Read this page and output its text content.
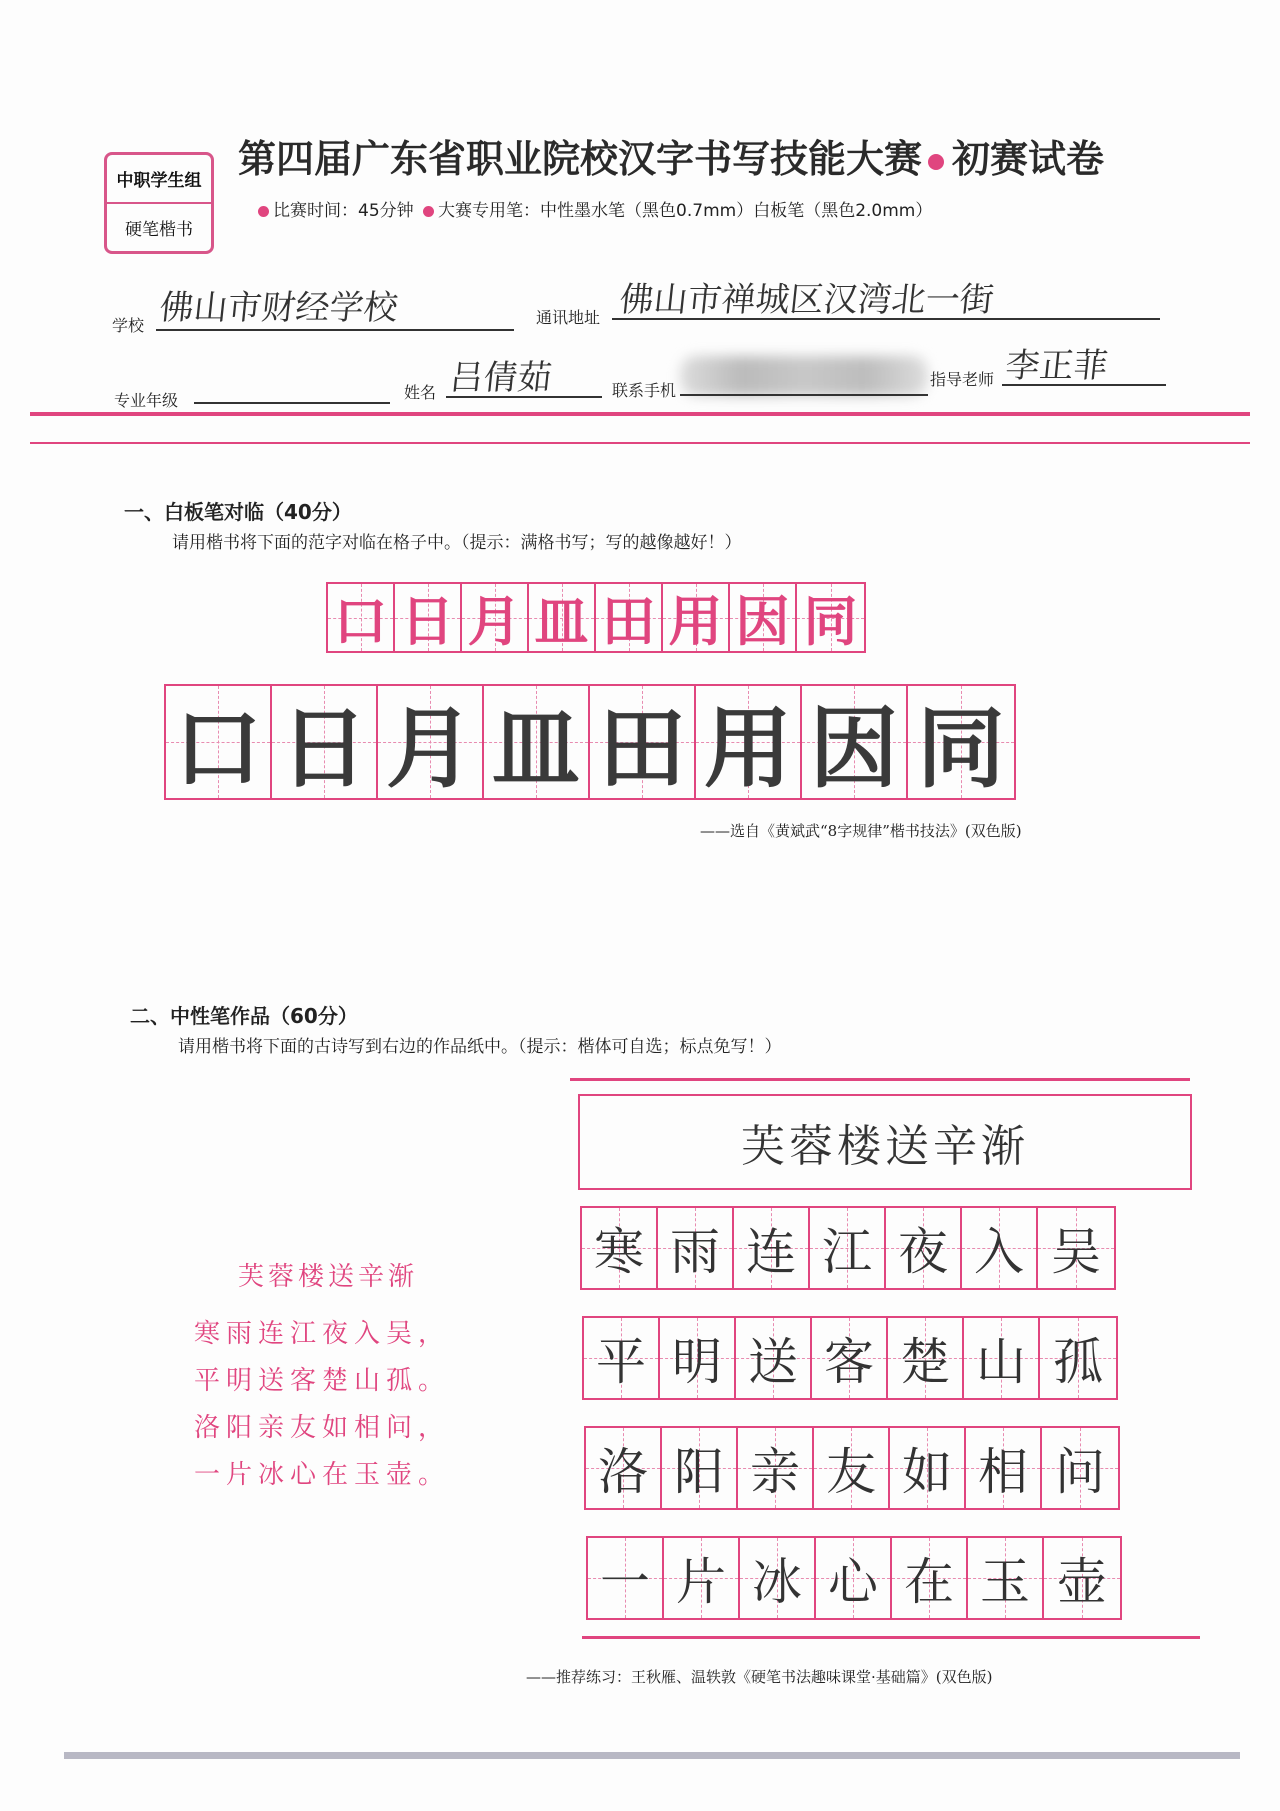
中职学生组
硬笔楷书
第四届广东省职业院校汉字书写技能大赛 初赛试卷
比赛时间：45分钟 大赛专用笔：中性墨水笔（黑色0.7mm）白板笔（黑色2.0mm）
学校 佛山市财经学校	通讯地址 佛山市禅城区汉湾北一街
专业年级	姓名 吕倩茹	联系手机
指导老师 李正菲
一、白板笔对临（40分）
请用楷书将下面的范字对临在格子中。（提示：满格书写；写的越像越好！）
口 日 月 皿 田 用 因 同
口 日 月 皿 田 用 因 同
——选自《黄斌武“8字规律”楷书技法》(双色版)
二、中性笔作品（60分）
请用楷书将下面的古诗写到右边的作品纸中。（提示：楷体可自选；标点免写！）
芙蓉楼送辛渐
寒雨连江夜入吴，
平明送客楚山孤。
洛阳亲友如相问，
一片冰心在玉壶。
芙蓉楼送辛渐
寒 雨 连 江 夜 入 吴
平 明 送 客 楚 山 孤
洛 阳 亲 友 如 相 问
一 片 冰 心 在 玉 壶
——推荐练习：王秋雁、温轶敦《硬笔书法趣味课堂·基础篇》(双色版)
